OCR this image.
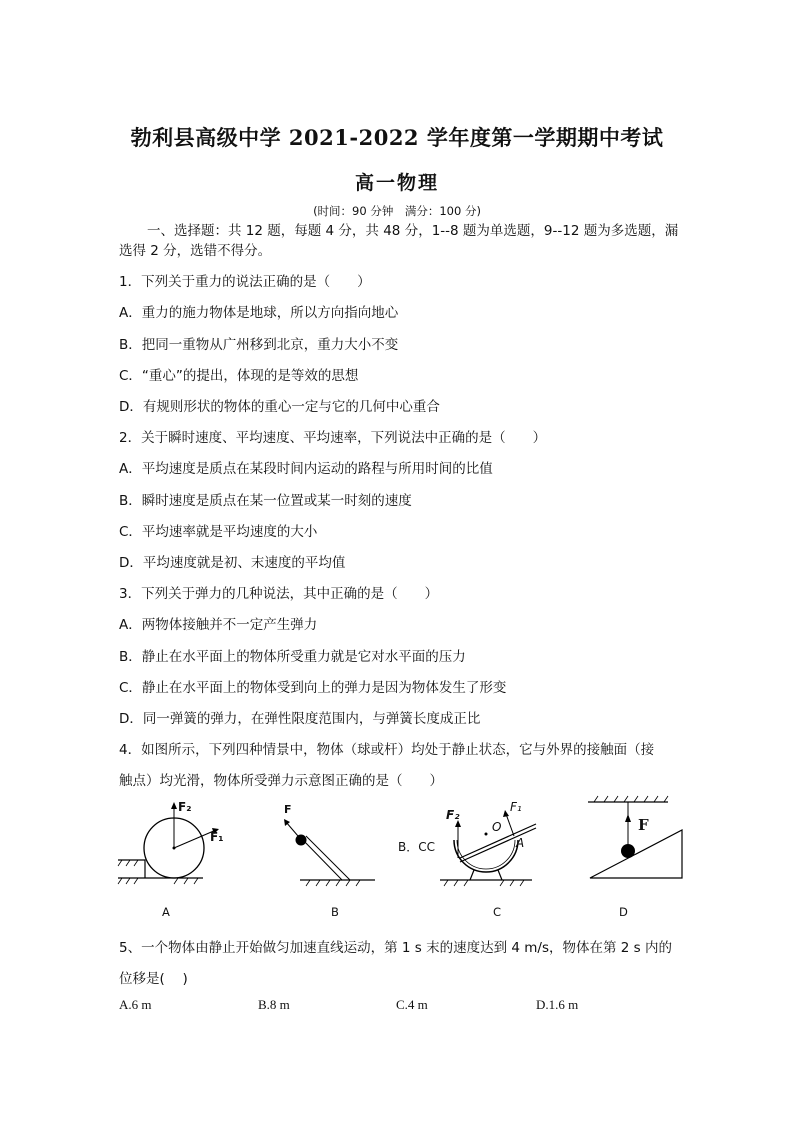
勃利县高级中学 2021-2022 学年度第一学期期中考试
高一物理
(时间：90 分钟　满分：100 分)
一、选择题：共 12 题，每题 4 分，共 48 分，1--8 题为单选题，9--12 题为多选题，漏选得 2 分，选错不得分。
1．下列关于重力的说法正确的是（　　）
A．重力的施力物体是地球，所以方向指向地心
B．把同一重物从广州移到北京，重力大小不变
C．“重心”的提出，体现的是等效的思想
D．有规则形状的物体的重心一定与它的几何中心重合
2．关于瞬时速度、平均速度、平均速率，下列说法中正确的是（　　）
A．平均速度是质点在某段时间内运动的路程与所用时间的比值
B．瞬时速度是质点在某一位置或某一时刻的速度
C．平均速率就是平均速度的大小
D．平均速度就是初、末速度的平均值
3．下列关于弹力的几种说法，其中正确的是（　　）
A．两物体接触并不一定产生弹力
B．静止在水平面上的物体所受重力就是它对水平面的压力
C．静止在水平面上的物体受到向上的弹力是因为物体发生了形变
D．同一弹簧的弹力，在弹性限度范围内，与弹簧长度成正比
4．如图所示，下列四种情景中，物体（球或杆）均处于静止状态，它与外界的接触面（接
触点）均光滑，物体所受弹力示意图正确的是（　　）
F₂
F₁
A
F
B
B．CC
F₂
F₁
O
A
C
F
D
5、一个物体由静止开始做匀加速直线运动，第 1 s 末的速度达到 4 m/s，物体在第 2 s 内的
位移是(　 )
A.6 m	B.8 m	C.4 m	D.1.6 m
